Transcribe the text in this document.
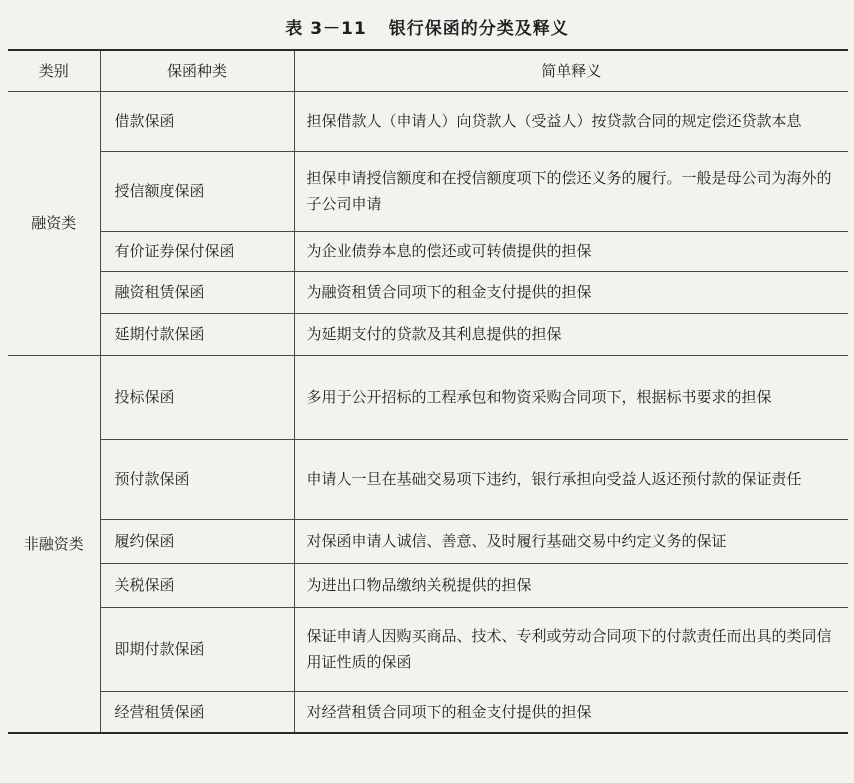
表 3－11 银行保函的分类及释义
类别	保函种类	简单释义
融资类	借款保函	担保借款人（申请人）向贷款人（受益人）按贷款合同的规定偿还贷款本息
	授信额度保函	担保申请授信额度和在授信额度项下的偿还义务的履行。一般是母公司为海外的子公司申请
	有价证券保付保函	为企业债券本息的偿还或可转债提供的担保
	融资租赁保函	为融资租赁合同项下的租金支付提供的担保
	延期付款保函	为延期支付的贷款及其利息提供的担保
非融资类	投标保函	多用于公开招标的工程承包和物资采购合同项下，根据标书要求的担保
	预付款保函	申请人一旦在基础交易项下违约，银行承担向受益人返还预付款的保证责任
	履约保函	对保函申请人诚信、善意、及时履行基础交易中约定义务的保证
	关税保函	为进出口物品缴纳关税提供的担保
	即期付款保函	保证申请人因购买商品、技术、专利或劳动合同项下的付款责任而出具的类同信用证性质的保函
	经营租赁保函	对经营租赁合同项下的租金支付提供的担保
